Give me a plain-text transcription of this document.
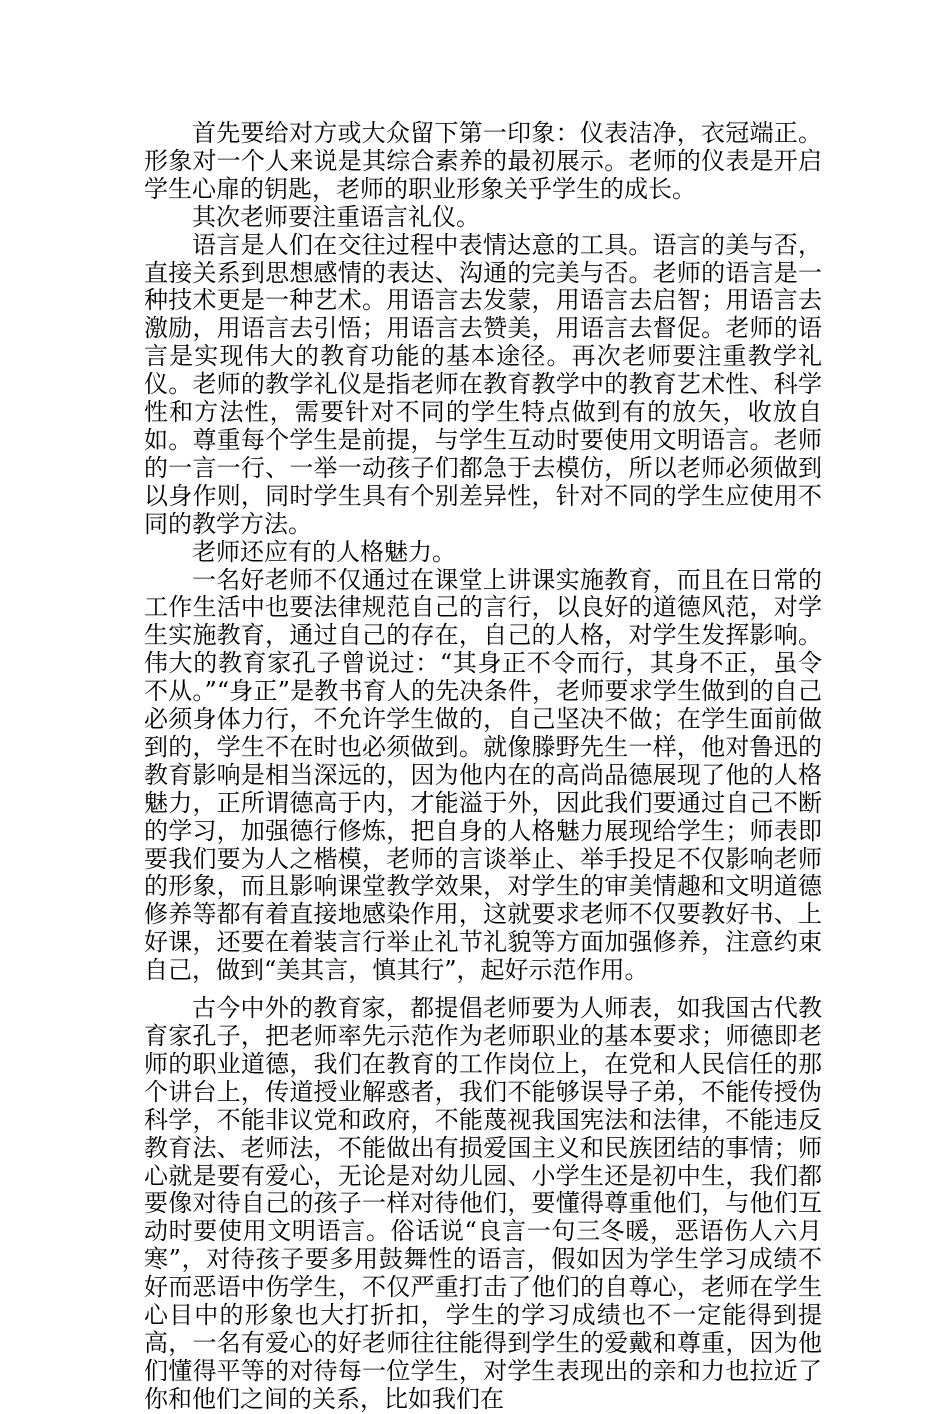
首先要给对方或大众留下第一印象：仪表洁净，衣冠端正。形象对一个人来说是其综合素养的最初展示。老师的仪表是开启学生心扉的钥匙，老师的职业形象关乎学生的成长。

其次老师要注重语言礼仪。

语言是人们在交往过程中表情达意的工具。语言的美与否，直接关系到思想感情的表达、沟通的完美与否。老师的语言是一种技术更是一种艺术。用语言去发蒙，用语言去启智；用语言去激励，用语言去引悟；用语言去赞美，用语言去督促。老师的语言是实现伟大的教育功能的基本途径。再次老师要注重教学礼仪。老师的教学礼仪是指老师在教育教学中的教育艺术性、科学性和方法性，需要针对不同的学生特点做到有的放矢，收放自如。尊重每个学生是前提，与学生互动时要使用文明语言。老师的一言一行、一举一动孩子们都急于去模仿，所以老师必须做到以身作则，同时学生具有个别差异性，针对不同的学生应使用不同的教学方法。

老师还应有的人格魅力。

一名好老师不仅通过在课堂上讲课实施教育，而且在日常的工作生活中也要法律规范自己的言行，以良好的道德风范，对学生实施教育，通过自己的存在，自己的人格，对学生发挥影响。伟大的教育家孔子曾说过：“其身正不令而行，其身不正，虽令不从。”“身正”是教书育人的先决条件，老师要求学生做到的自己必须身体力行，不允许学生做的，自己坚决不做；在学生面前做到的，学生不在时也必须做到。就像滕野先生一样，他对鲁迅的教育影响是相当深远的，因为他内在的高尚品德展现了他的人格魅力，正所谓德高于内，才能溢于外，因此我们要通过自己不断的学习，加强德行修炼，把自身的人格魅力展现给学生；师表即要我们要为人之楷模，老师的言谈举止、举手投足不仅影响老师的形象，而且影响课堂教学效果，对学生的审美情趣和文明道德修养等都有着直接地感染作用，这就要求老师不仅要教好书、上好课，还要在着装言行举止礼节礼貌等方面加强修养，注意约束自己，做到“美其言，慎其行”，起好示范作用。

古今中外的教育家，都提倡老师要为人师表，如我国古代教育家孔子，把老师率先示范作为老师职业的基本要求；师德即老师的职业道德，我们在教育的工作岗位上，在党和人民信任的那个讲台上，传道授业解惑者，我们不能够误导子弟，不能传授伪科学，不能非议党和政府，不能蔑视我国宪法和法律，不能违反教育法、老师法，不能做出有损爱国主义和民族团结的事情；师心就是要有爱心，无论是对幼儿园、小学生还是初中生，我们都要像对待自己的孩子一样对待他们，要懂得尊重他们，与他们互动时要使用文明语言。俗话说“良言一句三冬暖，恶语伤人六月寒”，对待孩子要多用鼓舞性的语言，假如因为学生学习成绩不好而恶语中伤学生，不仅严重打击了他们的自尊心，老师在学生心目中的形象也大打折扣，学生的学习成绩也不一定能得到提高，一名有爱心的好老师往往能得到学生的爱戴和尊重，因为他们懂得平等的对待每一位学生，对学生表现出的亲和力也拉近了你和他们之间的关系，比如我们在
